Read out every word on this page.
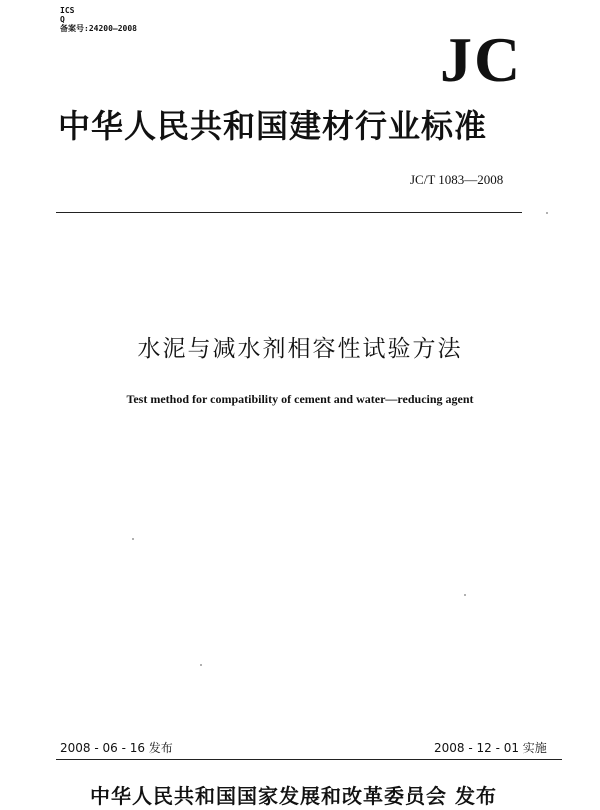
ICS
Q
备案号:24200—2008	JC
中华人民共和国建材行业标准
JC/T 1083—2008
水泥与减水剂相容性试验方法
Test method for compatibility of cement and water—reducing agent
2008 - 06 - 16 发布	2008 - 12 - 01 实施
中华人民共和国国家发展和改革委员会 发布
